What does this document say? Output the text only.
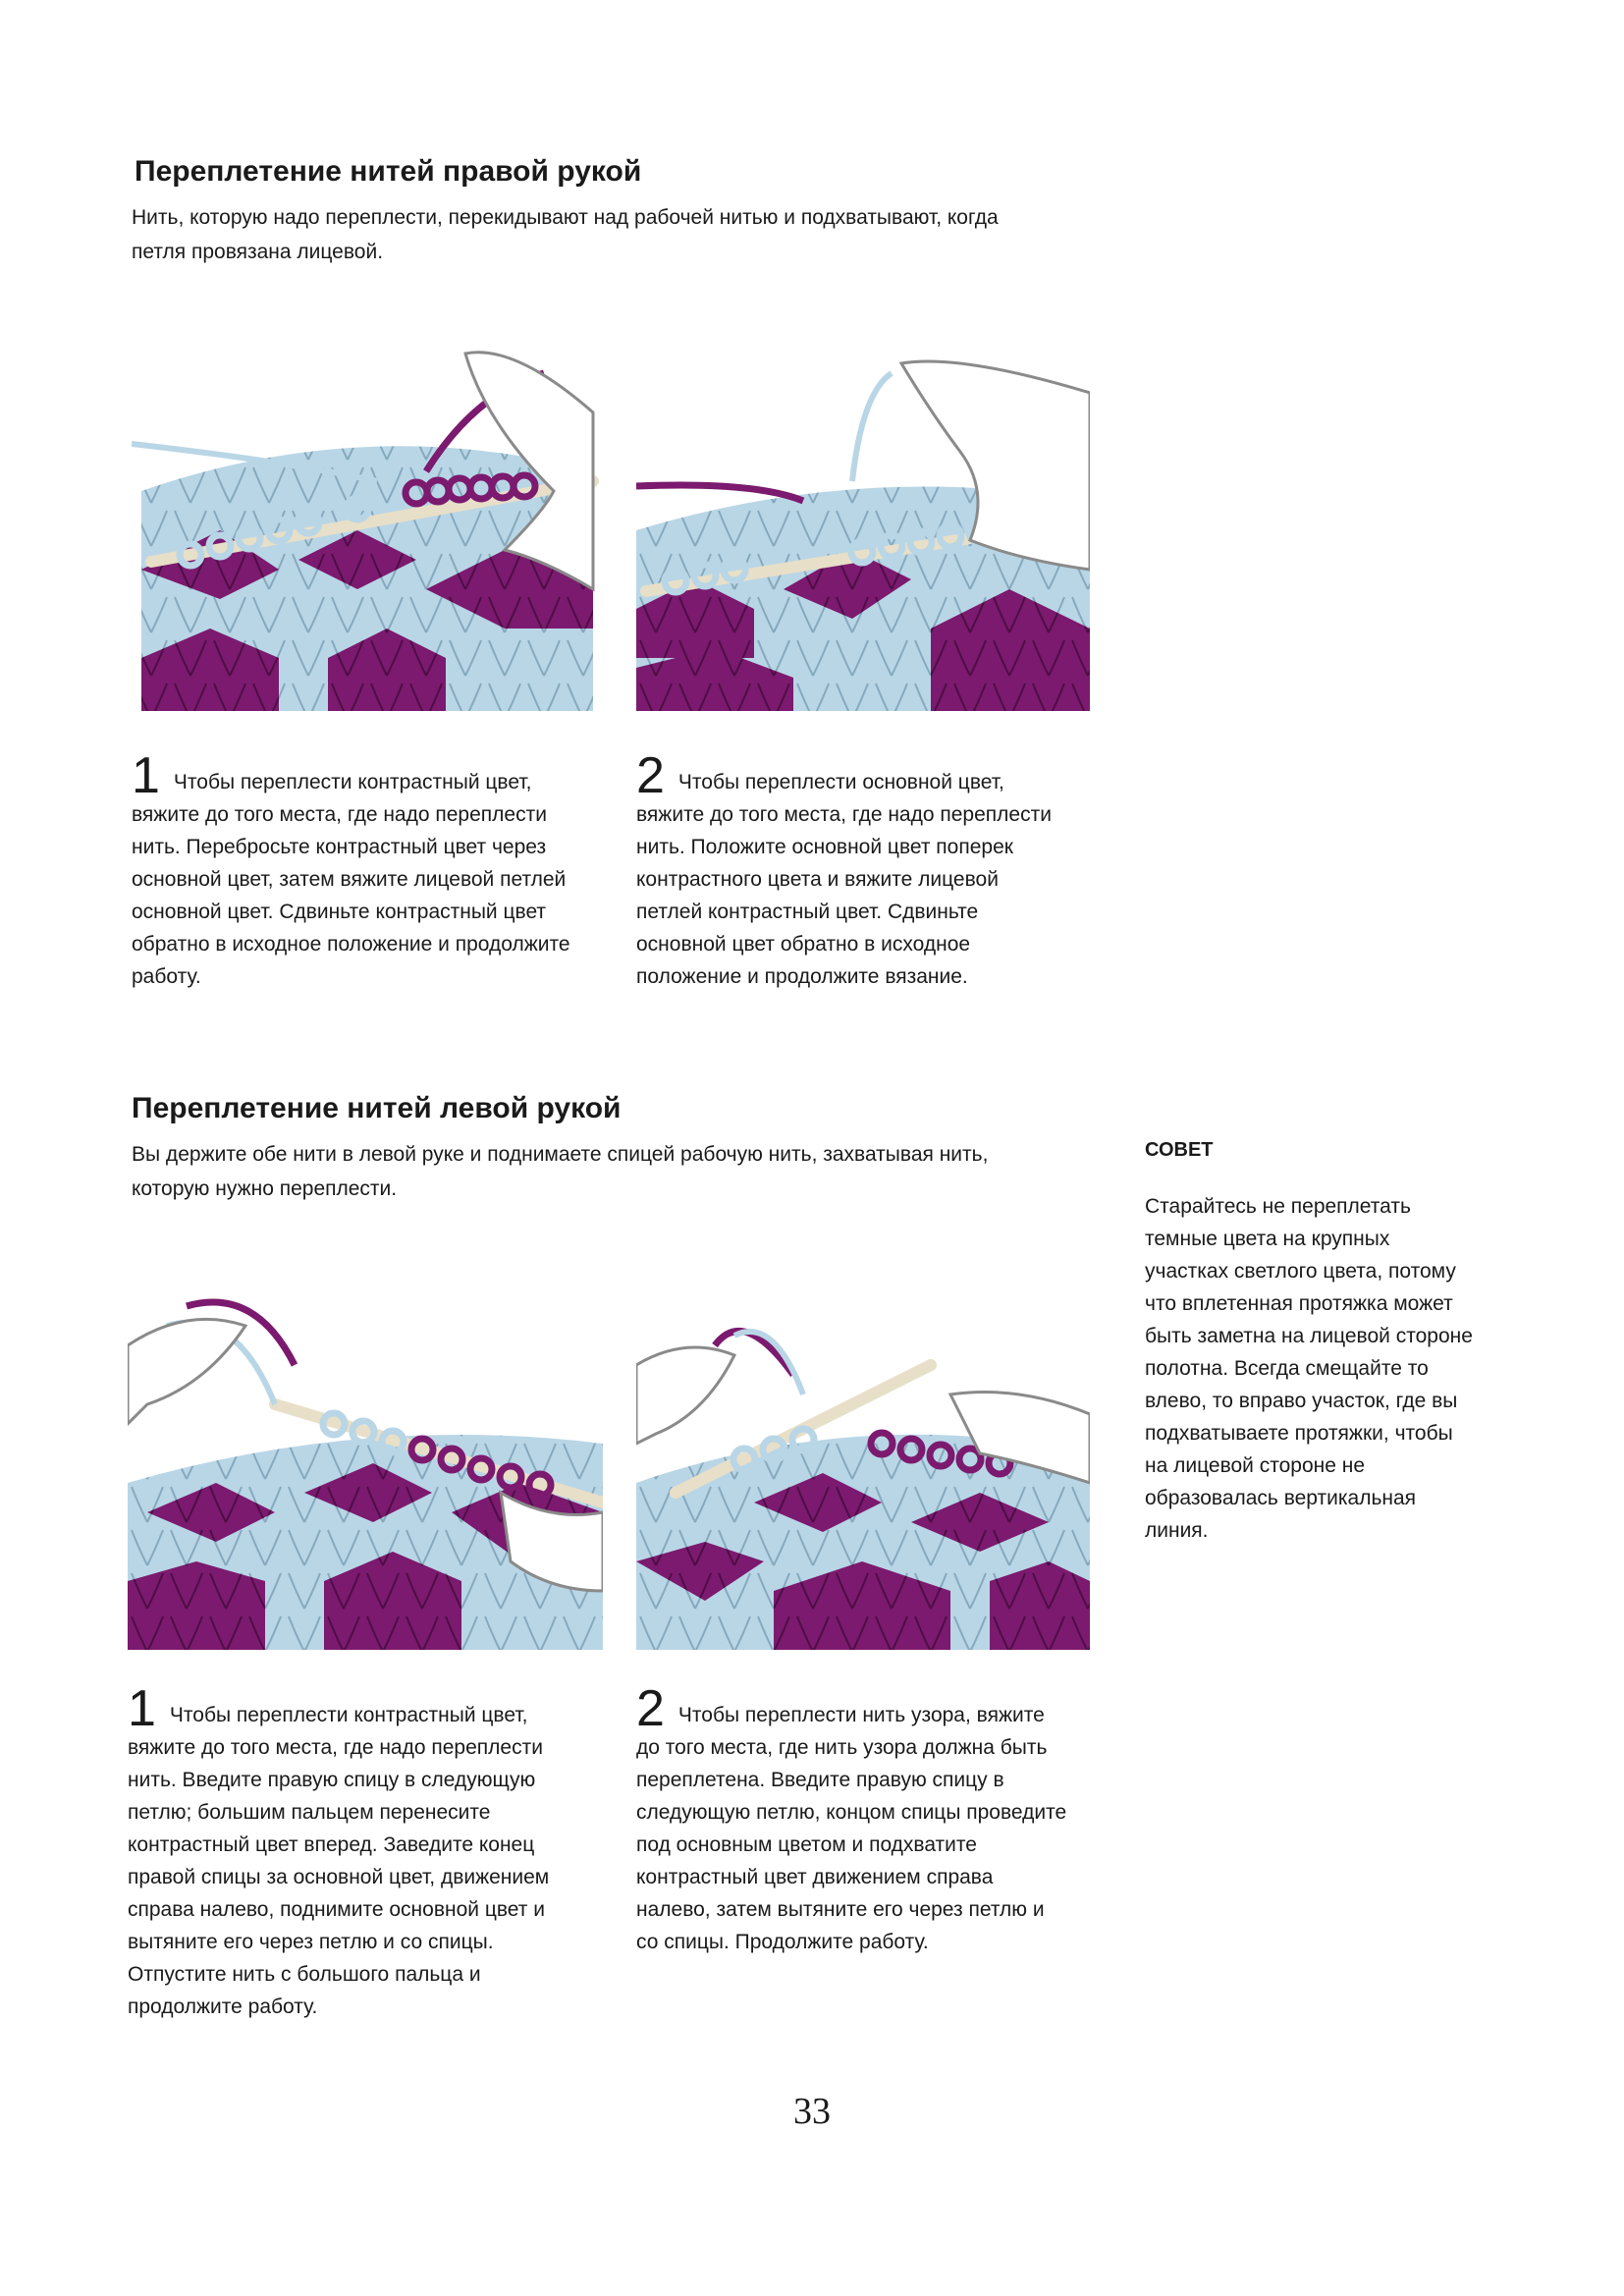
Переплетение нитей правой рукой

Нить, которую надо переплести, перекидывают над рабочей нитью и подхватывают, когда петля провязана лицевой.

1 Чтобы переплести контрастный цвет, вяжите до того места, где надо переплести нить. Перебросьте контрастный цвет через основной цвет, затем вяжите лицевой петлей основной цвет. Сдвиньте контрастный цвет обратно в исходное положение и продолжите работу.

2 Чтобы переплести основной цвет, вяжите до того места, где надо переплести нить. Положите основной цвет поперек контрастного цвета и вяжите лицевой петлей контрастный цвет. Сдвиньте основной цвет обратно в исходное положение и продолжите вязание.

Переплетение нитей левой рукой

Вы держите обе нити в левой руке и поднимаете спицей рабочую нить, захватывая нить, которую нужно переплести.

1 Чтобы переплести контрастный цвет, вяжите до того места, где надо переплести нить. Введите правую спицу в следующую петлю; большим пальцем перенесите контрастный цвет вперед. Заведите конец правой спицы за основной цвет, движением справа налево, поднимите основной цвет и вытяните его через петлю и со спицы. Отпустите нить с большого пальца и продолжите работу.

2 Чтобы переплести нить узора, вяжите до того места, где нить узора должна быть переплетена. Введите правую спицу в следующую петлю, концом спицы проведите под основным цветом и подхватите контрастный цвет движением справа налево, затем вытяните его через петлю и со спицы. Продолжите работу.

СОВЕТ

Старайтесь не переплетать темные цвета на крупных участках светлого цвета, потому что вплетенная протяжка может быть заметна на лицевой стороне полотна. Всегда смещайте то влево, то вправо участок, где вы подхватываете протяжки, чтобы на лицевой стороне не образовалась вертикальная линия.

33
